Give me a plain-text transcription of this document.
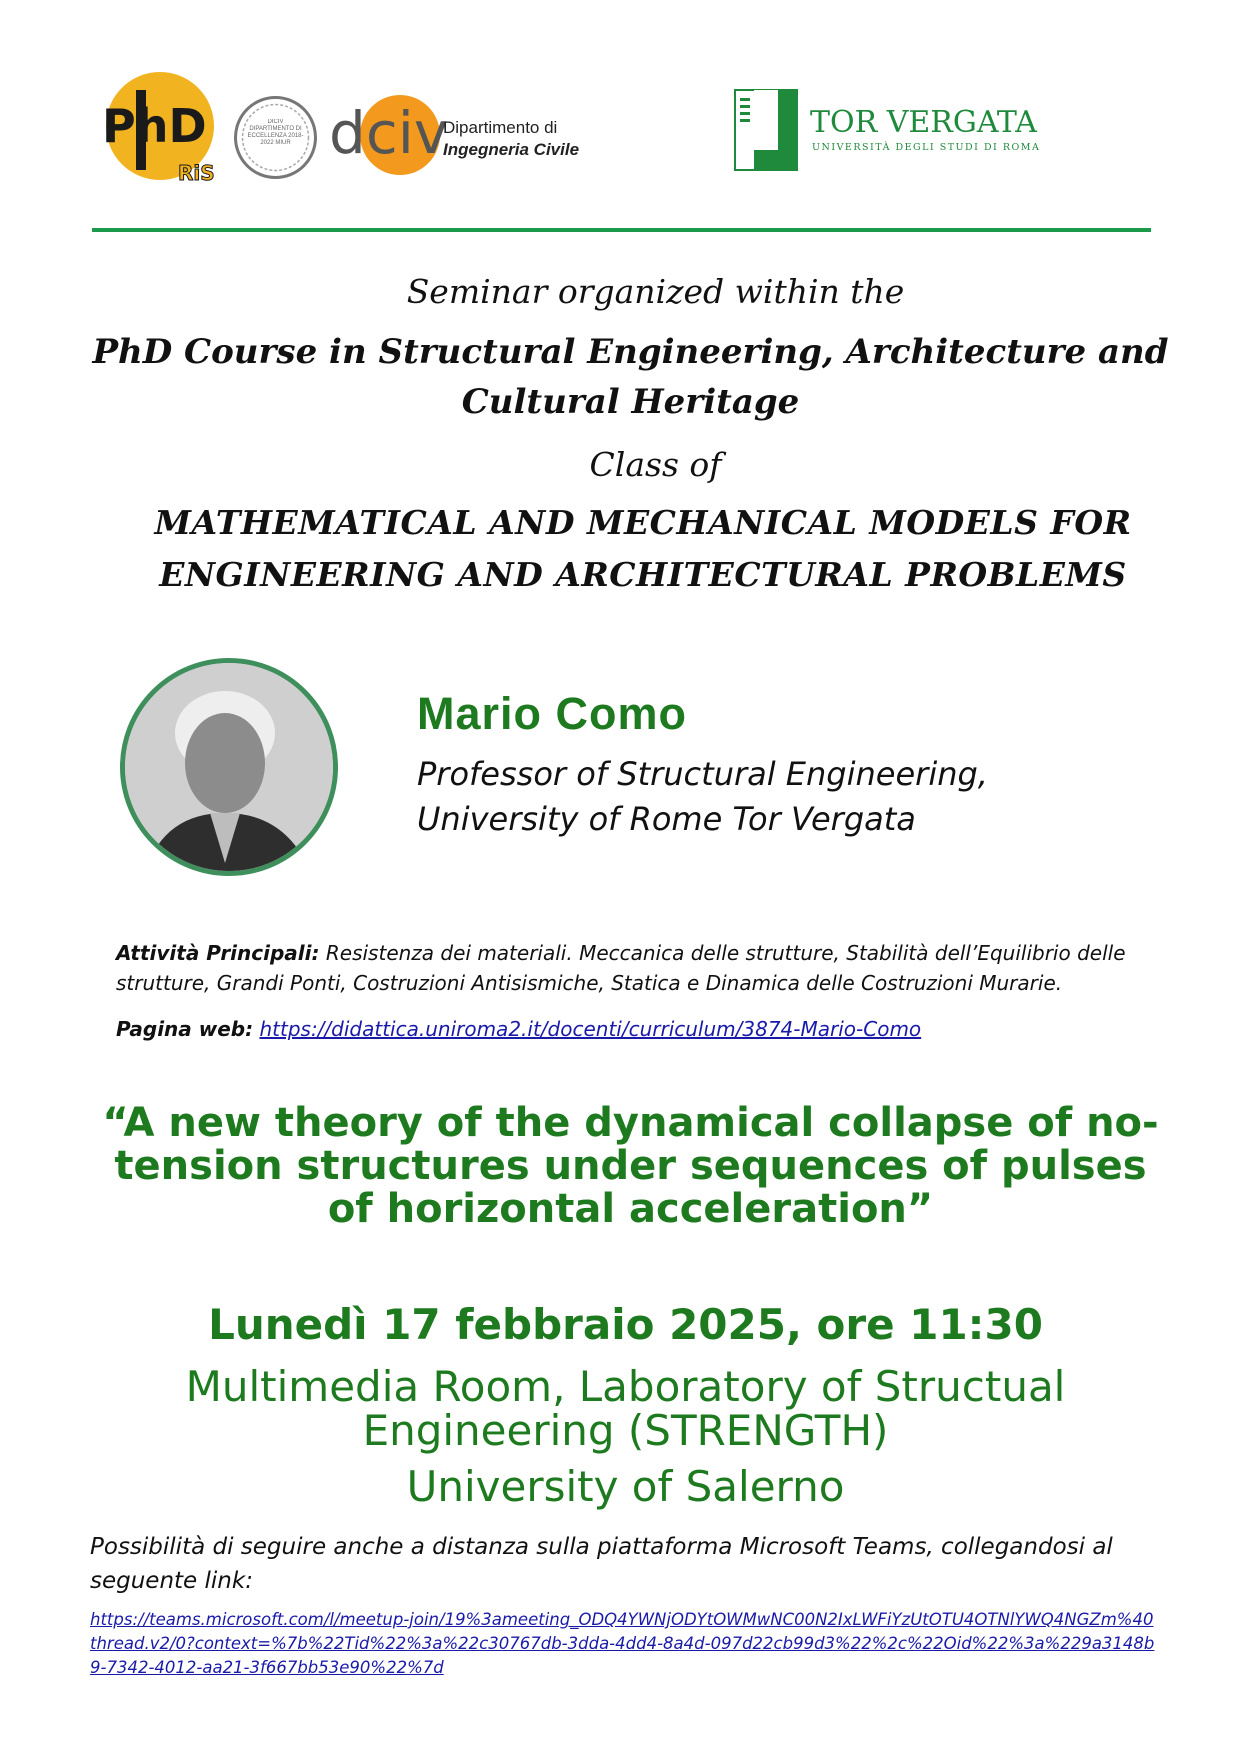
PhD
RiS
DICIV DIPARTIMENTO DI ECCELLENZA 2018-2022 MIUR dciv
Dipartimento di
Ingegneria Civile
TOR VERGATA
UNIVERSITÀ DEGLI STUDI DI ROMA
Seminar organized within the
PhD Course in Structural Engineering, Architecture and
Cultural Heritage
Class of
MATHEMATICAL AND MECHANICAL MODELS FOR
ENGINEERING AND ARCHITECTURAL PROBLEMS
Mario Como
Professor of Structural Engineering,
University of Rome Tor Vergata
Attività Principali: Resistenza dei materiali. Meccanica delle strutture, Stabilità dell’Equilibrio delle strutture, Grandi Ponti, Costruzioni Antisismiche, Statica e Dinamica delle Costruzioni Murarie.
Pagina web: https://didattica.uniroma2.it/docenti/curriculum/3874-Mario-Como
“A new theory of the dynamical collapse of no-
tension structures under sequences of pulses
of horizontal acceleration”
Lunedì 17 febbraio 2025, ore 11:30
Multimedia Room, Laboratory of Structual
Engineering (STRENGTH)
University of Salerno
Possibilità di seguire anche a distanza sulla piattaforma Microsoft Teams, collegandosi al seguente link:
https://teams.microsoft.com/l/meetup-join/19%3ameeting_ODQ4YWNjODYtOWMwNC00N2IxLWFiYzUtOTU4OTNlYWQ4NGZm%40thread.v2/0?context=%7b%22Tid%22%3a%22c30767db-3dda-4dd4-8a4d-097d22cb99d3%22%2c%22Oid%22%3a%229a3148b9-7342-4012-aa21-3f667bb53e90%22%7d
